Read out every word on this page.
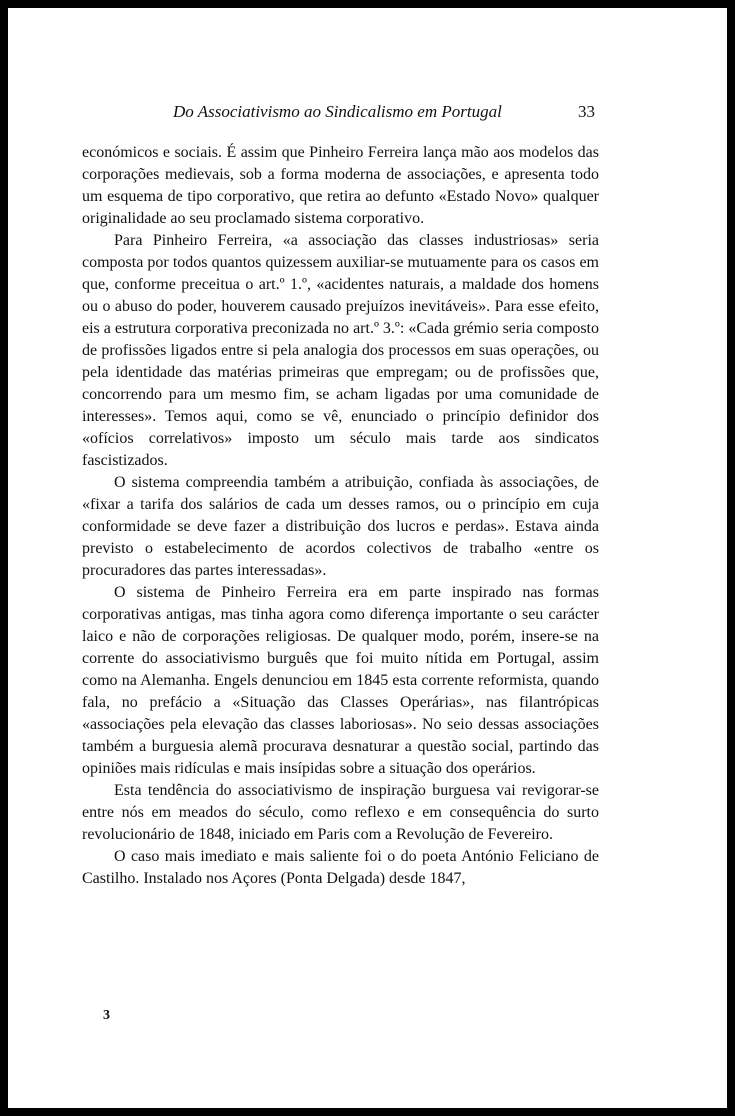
Do Associativismo ao Sindicalismo em Portugal	33

económicos e sociais. É assim que Pinheiro Ferreira lança mão aos modelos das corporações medievais, sob a forma moderna de associações, e apresenta todo um esquema de tipo corporativo, que retira ao defunto «Estado Novo» qualquer originalidade ao seu proclamado sistema corporativo.

Para Pinheiro Ferreira, «a associação das classes industriosas» seria composta por todos quantos quizessem auxiliar-se mutuamente para os casos em que, conforme preceitua o art.º 1.º, «acidentes naturais, a maldade dos homens ou o abuso do poder, houverem causado prejuízos inevitáveis». Para esse efeito, eis a estrutura corporativa preconizada no art.º 3.º: «Cada grémio seria composto de profissões ligados entre si pela analogia dos processos em suas operações, ou pela identidade das matérias primeiras que empregam; ou de profissões que, concorrendo para um mesmo fim, se acham ligadas por uma comunidade de interesses». Temos aqui, como se vê, enunciado o princípio definidor dos «ofícios correlativos» imposto um século mais tarde aos sindicatos fascistizados.

O sistema compreendia também a atribuição, confiada às associações, de «fixar a tarifa dos salários de cada um desses ramos, ou o princípio em cuja conformidade se deve fazer a distribuição dos lucros e perdas». Estava ainda previsto o estabelecimento de acordos colectivos de trabalho «entre os procuradores das partes interessadas».

O sistema de Pinheiro Ferreira era em parte inspirado nas formas corporativas antigas, mas tinha agora como diferença importante o seu carácter laico e não de corporações religiosas. De qualquer modo, porém, insere-se na corrente do associativismo burguês que foi muito nítida em Portugal, assim como na Alemanha. Engels denunciou em 1845 esta corrente reformista, quando fala, no prefácio a «Situação das Classes Operárias», nas filantrópicas «associações pela elevação das classes laboriosas». No seio dessas associações também a burguesia alemã procurava desnaturar a questão social, partindo das opiniões mais ridículas e mais insípidas sobre a situação dos operários.

Esta tendência do associativismo de inspiração burguesa vai revigorar-se entre nós em meados do século, como reflexo e em consequência do surto revolucionário de 1848, iniciado em Paris com a Revolução de Fevereiro.

O caso mais imediato e mais saliente foi o do poeta António Feliciano de Castilho. Instalado nos Açores (Ponta Delgada) desde 1847,

3
